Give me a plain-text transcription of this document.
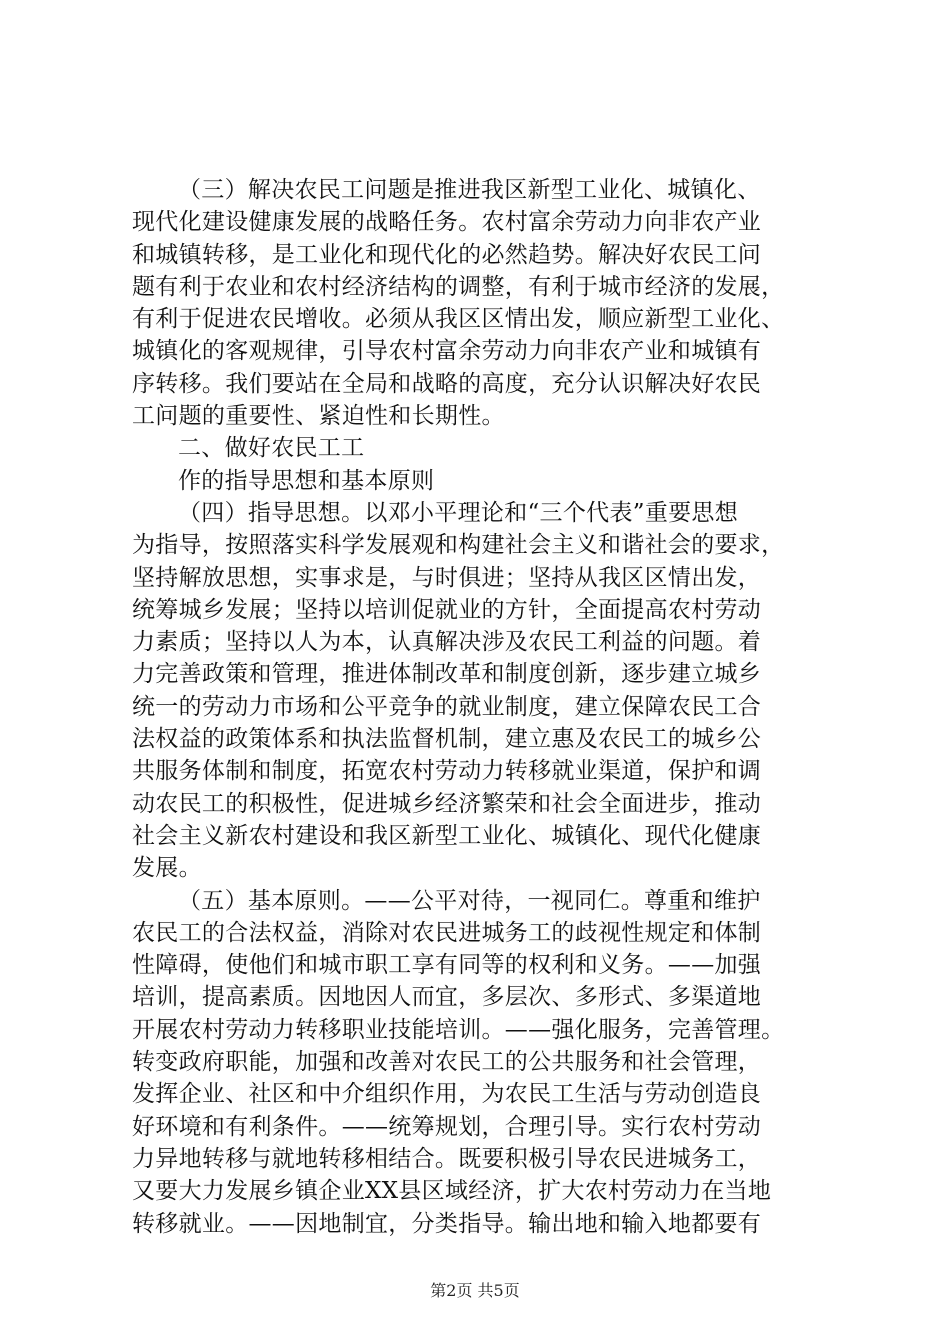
（三）解决农民工问题是推进我区新型工业化、城镇化、
现代化建设健康发展的战略任务。农村富余劳动力向非农产业
和城镇转移，是工业化和现代化的必然趋势。解决好农民工问
题有利于农业和农村经济结构的调整，有利于城市经济的发展，
有利于促进农民增收。必须从我区区情出发，顺应新型工业化、
城镇化的客观规律，引导农村富余劳动力向非农产业和城镇有
序转移。我们要站在全局和战略的高度，充分认识解决好农民
工问题的重要性、紧迫性和长期性。
二、做好农民工工
作的指导思想和基本原则
（四）指导思想。以邓小平理论和“三个代表”重要思想
为指导，按照落实科学发展观和构建社会主义和谐社会的要求，
坚持解放思想，实事求是，与时俱进；坚持从我区区情出发，
统筹城乡发展；坚持以培训促就业的方针，全面提高农村劳动
力素质；坚持以人为本，认真解决涉及农民工利益的问题。着
力完善政策和管理，推进体制改革和制度创新，逐步建立城乡
统一的劳动力市场和公平竞争的就业制度，建立保障农民工合
法权益的政策体系和执法监督机制，建立惠及农民工的城乡公
共服务体制和制度，拓宽农村劳动力转移就业渠道，保护和调
动农民工的积极性，促进城乡经济繁荣和社会全面进步，推动
社会主义新农村建设和我区新型工业化、城镇化、现代化健康
发展。
（五）基本原则。——公平对待，一视同仁。尊重和维护
农民工的合法权益，消除对农民进城务工的歧视性规定和体制
性障碍，使他们和城市职工享有同等的权利和义务。——加强
培训，提高素质。因地因人而宜，多层次、多形式、多渠道地
开展农村劳动力转移职业技能培训。——强化服务，完善管理。
转变政府职能，加强和改善对农民工的公共服务和社会管理，
发挥企业、社区和中介组织作用，为农民工生活与劳动创造良
好环境和有利条件。——统筹规划，合理引导。实行农村劳动
力异地转移与就地转移相结合。既要积极引导农民进城务工，
又要大力发展乡镇企业XX县区域经济，扩大农村劳动力在当地
转移就业。——因地制宜，分类指导。输出地和输入地都要有
第2页 共5页
